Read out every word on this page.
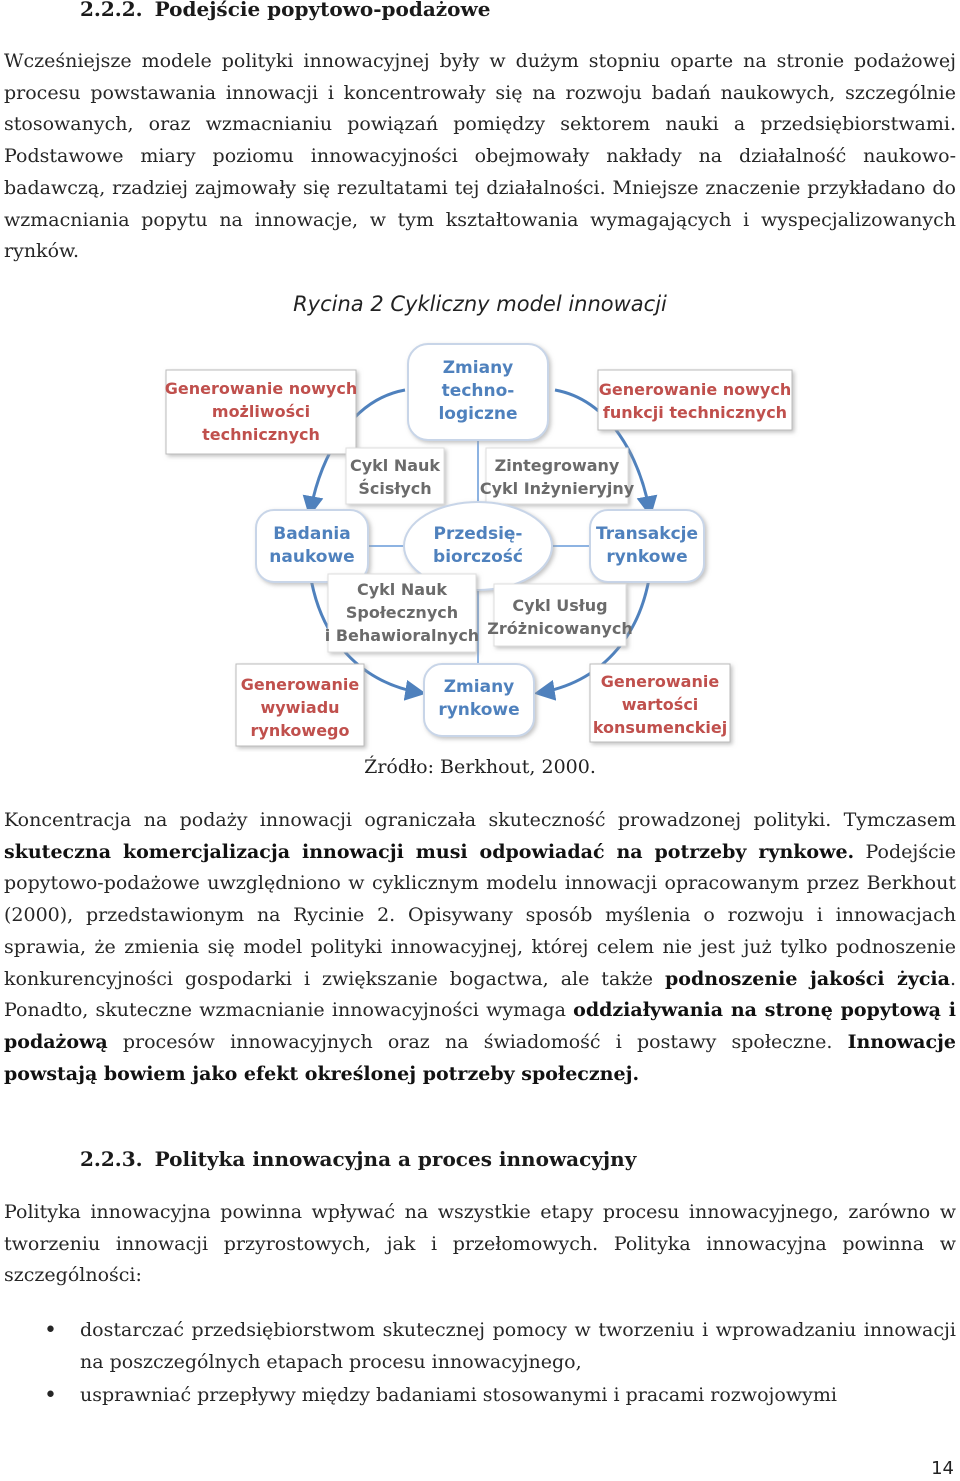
2.2.2. Podejście popytowo-podażowe
Wcześniejsze modele polityki innowacyjnej były w dużym stopniu oparte na stronie podażowej procesu powstawania innowacji i koncentrowały się na rozwoju badań naukowych, szczególnie stosowanych, oraz wzmacnianiu powiązań pomiędzy sektorem nauki a przedsiębiorstwami. Podstawowe miary poziomu innowacyjności obejmowały nakłady na działalność naukowo-badawczą, rzadziej zajmowały się rezultatami tej działalności. Mniejsze znaczenie przykładano do wzmacniania popytu na innowacje, w tym kształtowania wymagających i wyspecjalizowanych rynków.
Rycina 2 Cykliczny model innowacji
Zmiany
techno-
logiczne
Generowanie nowych
możliwości
technicznych
Generowanie nowych
funkcji technicznych
Cykl Nauk
Ścisłych
Zintegrowany
Cykl Inżynieryjny
Badania
naukowe
Przedsię-
biorczość
Transakcje
rynkowe
Cykl Nauk
Społecznych
i Behawioralnych
Cykl Usług
Zróżnicowanych
Generowanie
wywiadu
rynkowego
Zmiany
rynkowe
Generowanie
wartości
konsumenckiej
Źródło: Berkhout, 2000.
Koncentracja na podaży innowacji ograniczała skuteczność prowadzonej polityki. Tymczasem skuteczna komercjalizacja innowacji musi odpowiadać na potrzeby rynkowe. Podejście popytowo-podażowe uwzględniono w cyklicznym modelu innowacji opracowanym przez Berkhout (2000), przedstawionym na Rycinie 2. Opisywany sposób myślenia o rozwoju i innowacjach sprawia, że zmienia się model polityki innowacyjnej, której celem nie jest już tylko podnoszenie konkurencyjności gospodarki i zwiększanie bogactwa, ale także podnoszenie jakości życia. Ponadto, skuteczne wzmacnianie innowacyjności wymaga oddziaływania na stronę popytową i podażową procesów innowacyjnych oraz na świadomość i postawy społeczne. Innowacje powstają bowiem jako efekt określonej potrzeby społecznej.
2.2.3. Polityka innowacyjna a proces innowacyjny
Polityka innowacyjna powinna wpływać na wszystkie etapy procesu innowacyjnego, zarówno w tworzeniu innowacji przyrostowych, jak i przełomowych. Polityka innowacyjna powinna w szczególności:
• dostarczać przedsiębiorstwom skutecznej pomocy w tworzeniu i wprowadzaniu innowacji na poszczególnych etapach procesu innowacyjnego,
• usprawniać przepływy między badaniami stosowanymi i pracami rozwojowymi
14
